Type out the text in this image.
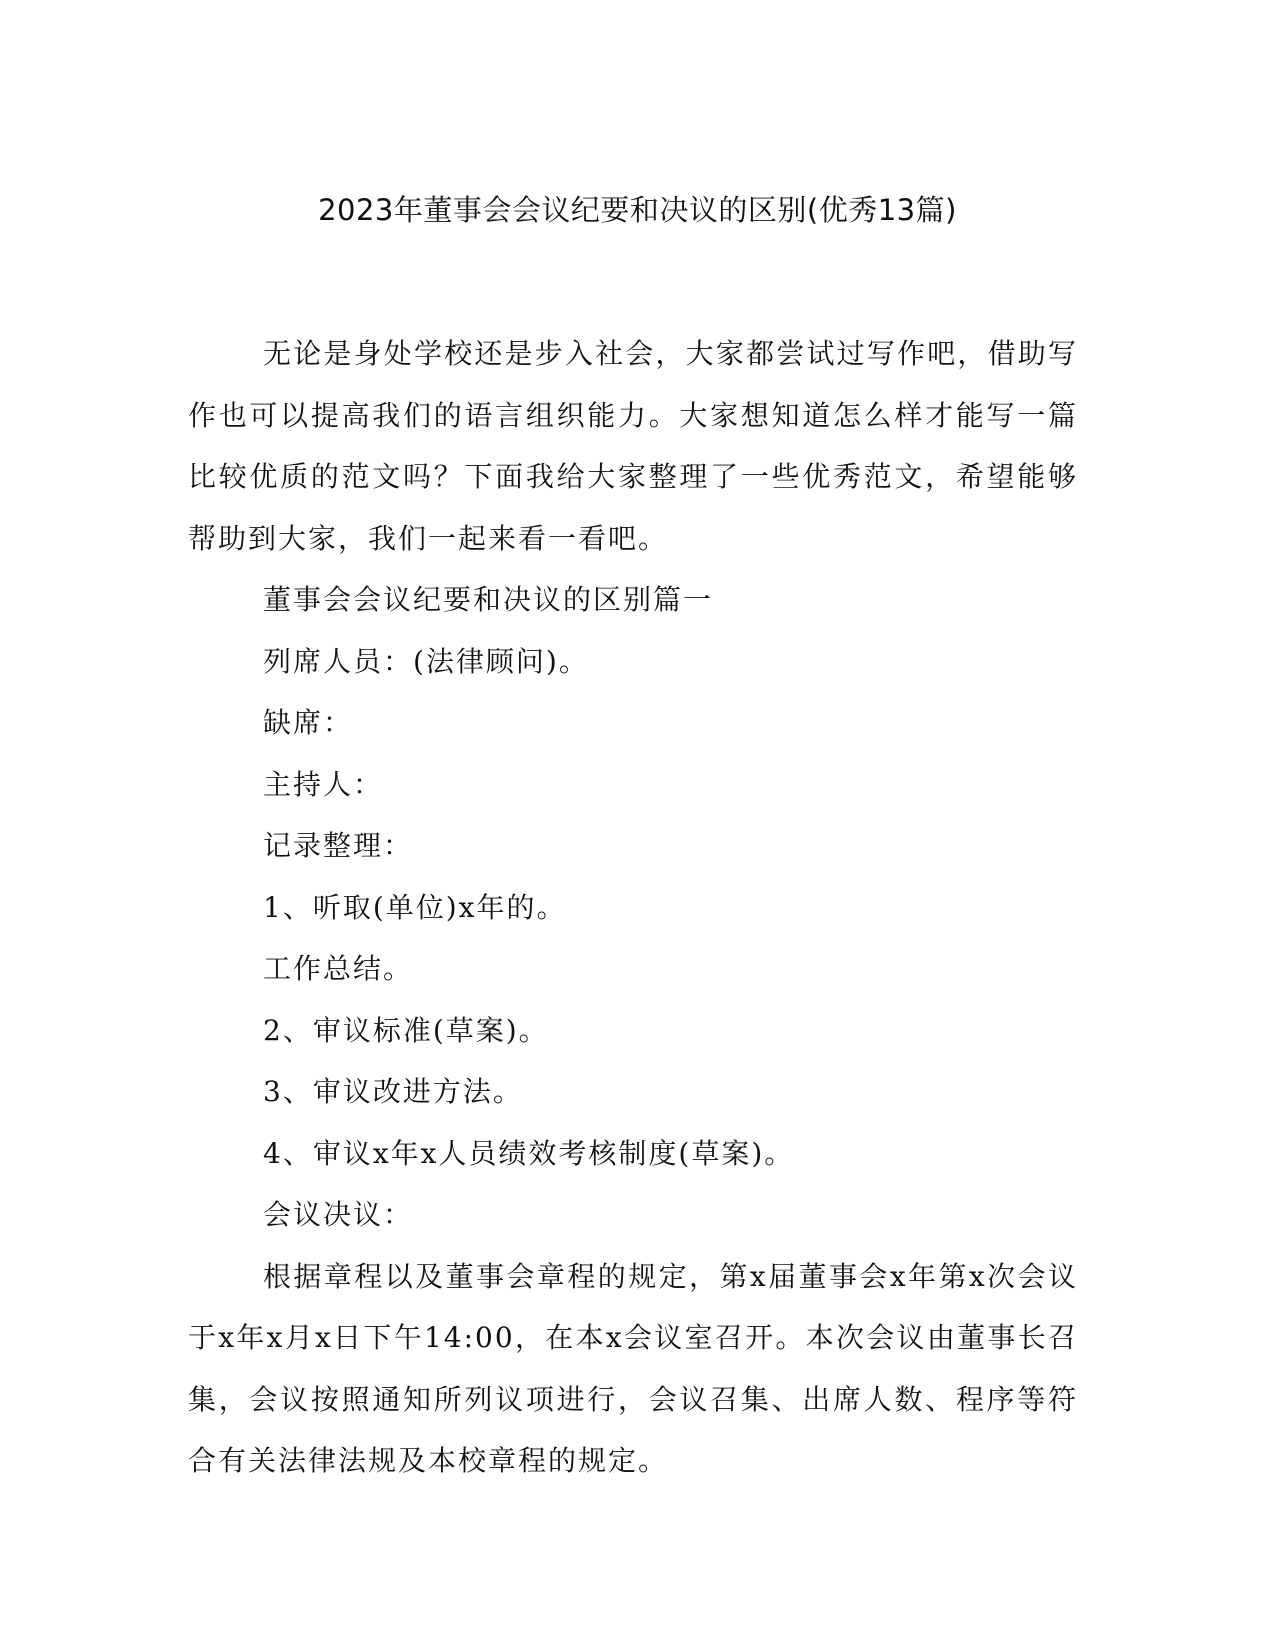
2023年董事会会议纪要和决议的区别(优秀13篇)

无论是身处学校还是步入社会，大家都尝试过写作吧，借助写作也可以提高我们的语言组织能力。大家想知道怎么样才能写一篇比较优质的范文吗？下面我给大家整理了一些优秀范文，希望能够帮助到大家，我们一起来看一看吧。

董事会会议纪要和决议的区别篇一

列席人员：(法律顾问)。

缺席：

主持人：

记录整理：

1、听取(单位)x年的。

工作总结。

2、审议标准(草案)。

3、审议改进方法。

4、审议x年x人员绩效考核制度(草案)。

会议决议：

根据章程以及董事会章程的规定，第x届董事会x年第x次会议于x年x月x日下午14:00，在本x会议室召开。本次会议由董事长召集，会议按照通知所列议项进行，会议召集、出席人数、程序等符合有关法律法规及本校章程的规定。
